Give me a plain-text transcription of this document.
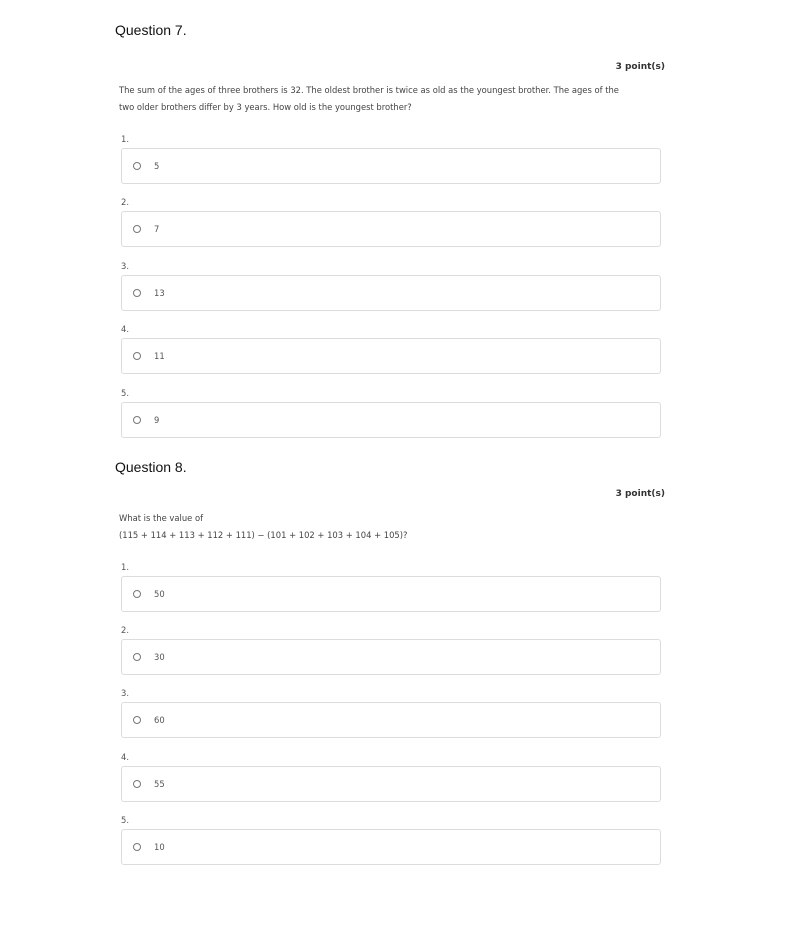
Question 7.
3 point(s)

The sum of the ages of three brothers is 32. The oldest brother is twice as old as the youngest brother. The ages of the

two older brothers differ by 3 years. How old is the youngest brother?

1.
5
2.
7
3.
13
4.
11
5.
9
Question 8.
3 point(s)

What is the value of

(115 + 114 + 113 + 112 + 111) − (101 + 102 + 103 + 104 + 105)?

1.
50
2.
30
3.
60
4.
55
5.
10
